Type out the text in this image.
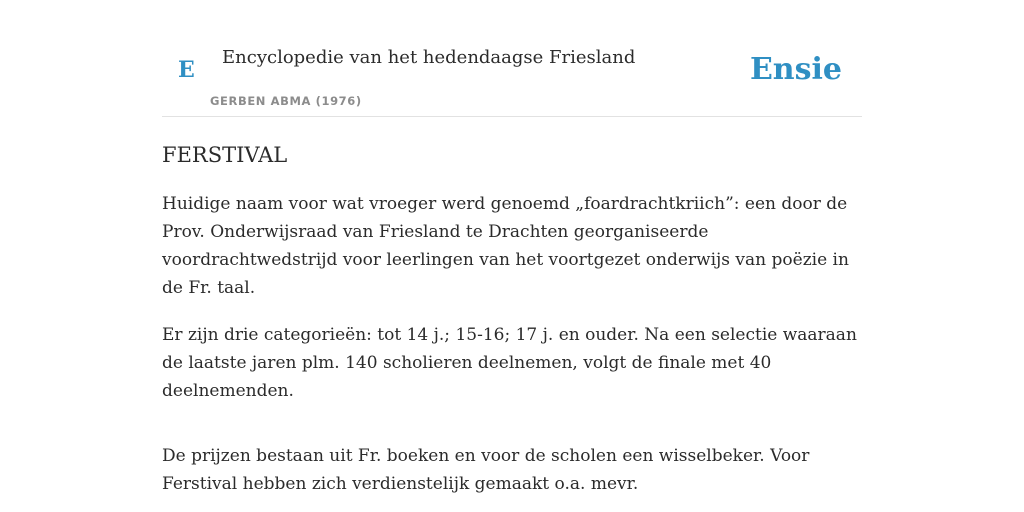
E Encyclopedie van het hedendaagse Friesland
GERBEN ABMA (1976)
Ensie
FERSTIVAL

Huidige naam voor wat vroeger werd genoemd „foardrachtkriich”: een door de Prov. Onderwijsraad van Friesland te Drachten georganiseerde voordrachtwedstrijd voor leerlingen van het voortgezet onderwijs van poëzie in de Fr. taal.

Er zijn drie categorieën: tot 14 j.; 15-16; 17 j. en ouder. Na een selectie waaraan de laatste jaren plm. 140 scholieren deelnemen, volgt de finale met 40 deelnemenden.

De prijzen bestaan uit Fr. boeken en voor de scholen een wisselbeker. Voor Ferstival hebben zich verdienstelijk gemaakt o.a. mevr.
